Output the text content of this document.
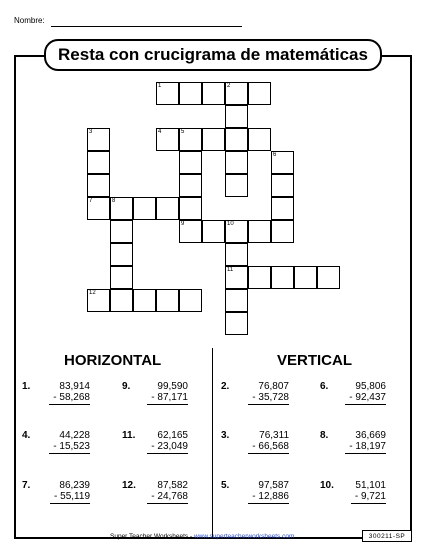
Nombre:
Resta con crucigrama de matemáticas
1	2
3	4	5
6
7	8
9	10
11
12
HORIZONTAL	VERTICAL
1.	83,914
- 58,268
9.	99,590
- 87,171
4.	44,228
- 15,523
11. 62,165
- 23,049
7.	86,239
- 55,119
12. 87,582
- 24,768
2.	76,807
- 35,728
6.	95,806
- 92,437
3.	76,311
- 66,568
8.	36,669
- 18,197
5.	97,587
- 12,886
10. 51,101
- 9,721
Super Teacher Worksheets - www.superteacherworksheets.com	300211-SP
